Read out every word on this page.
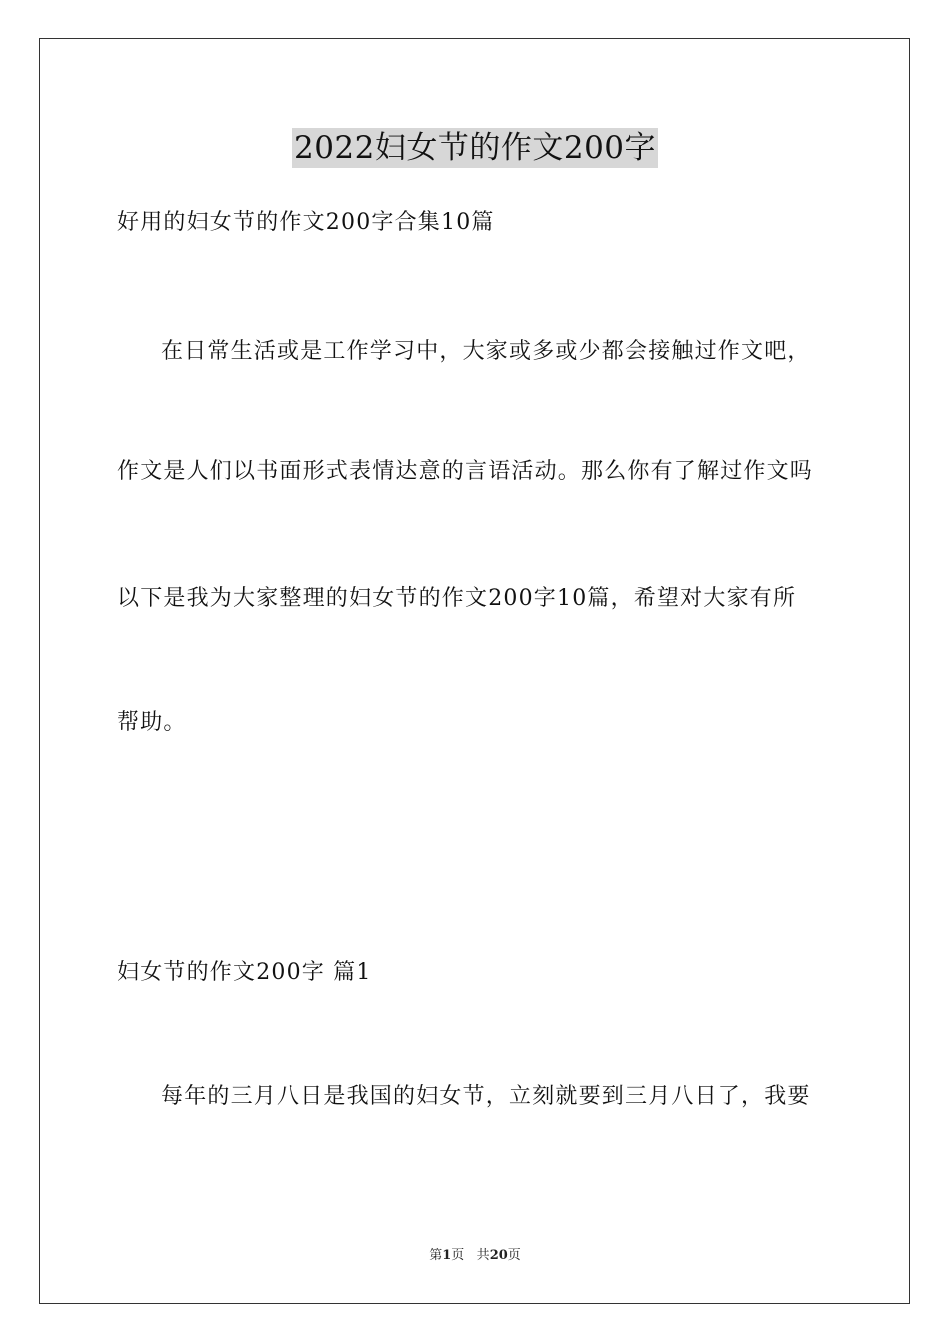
2022妇女节的作文200字
好用的妇女节的作文200字合集10篇
在日常生活或是工作学习中，大家或多或少都会接触过作文吧，
作文是人们以书面形式表情达意的言语活动。那么你有了解过作文吗
以下是我为大家整理的妇女节的作文200字10篇，希望对大家有所
帮助。
妇女节的作文200字 篇1
每年的三月八日是我国的妇女节，立刻就要到三月八日了，我要
第1页 共20页
